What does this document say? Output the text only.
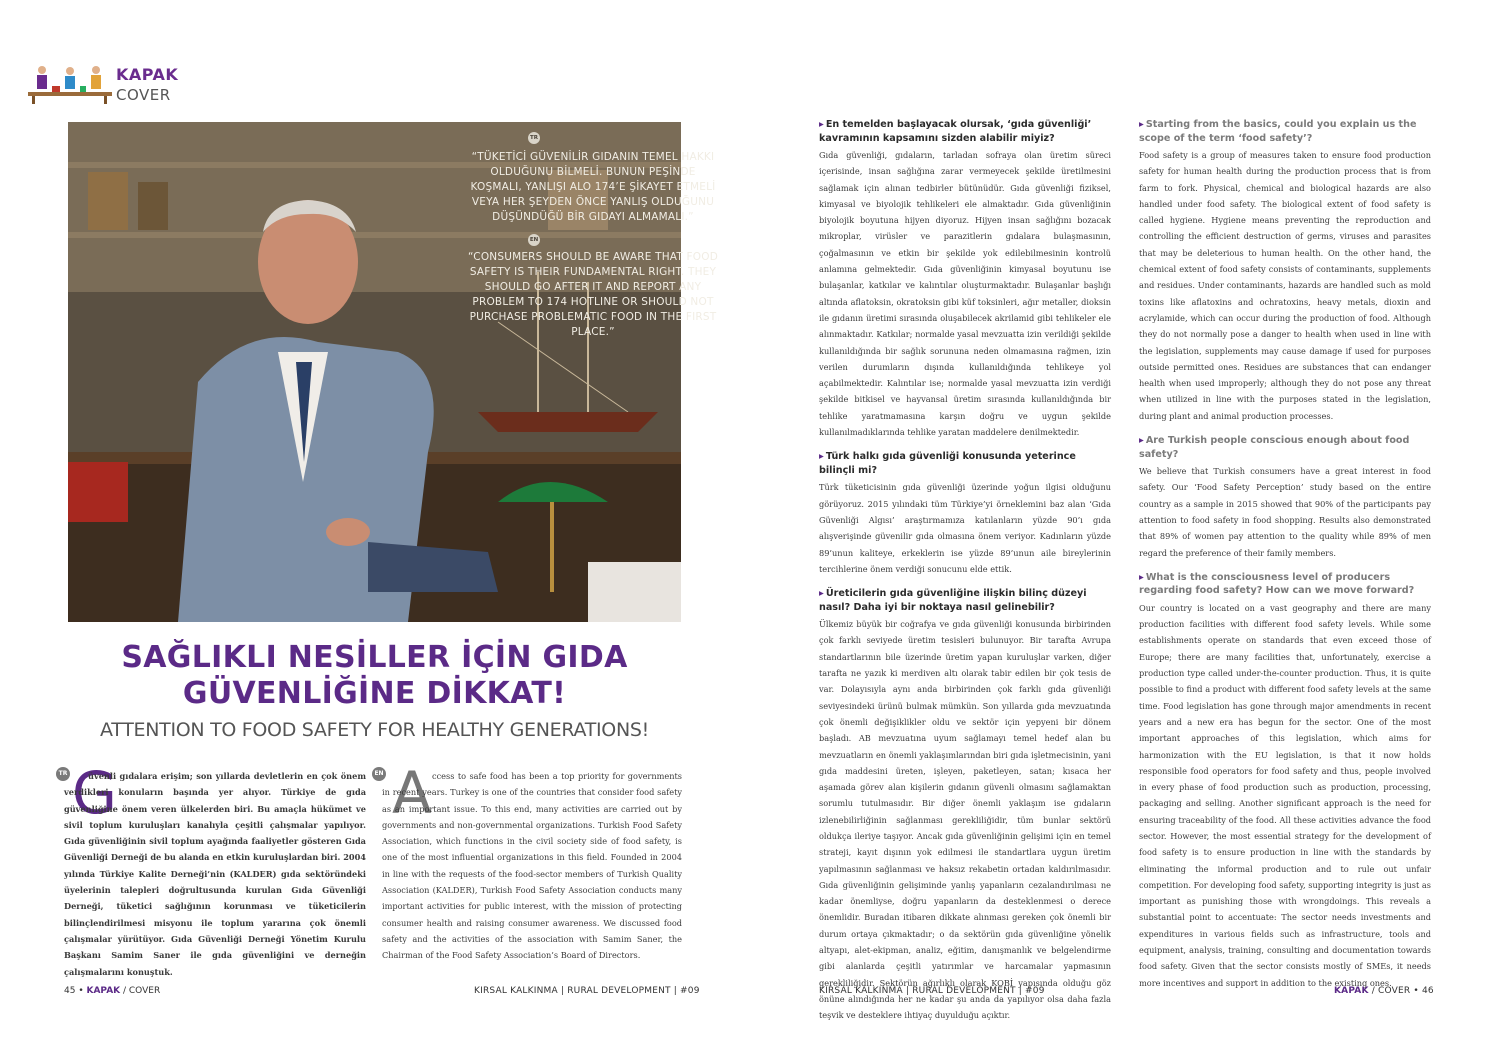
KAPAK
COVER
TR
“TÜKETİCİ GÜVENİLİR GIDANIN TEMEL HAKKI OLDUĞUNU BİLMELİ. BUNUN PEŞİNDE KOŞMALI, YANLIŞI ALO 174’E ŞİKAYET ETMELİ VEYA HER ŞEYDEN ÖNCE YANLIŞ OLDUĞUNU DÜŞÜNDÜĞÜ BİR GIDAYI ALMAMALI.”
EN
“CONSUMERS SHOULD BE AWARE THAT FOOD SAFETY IS THEIR FUNDAMENTAL RIGHT. THEY SHOULD GO AFTER IT AND REPORT ANY PROBLEM TO 174 HOTLINE OR SHOULD NOT PURCHASE PROBLEMATIC FOOD IN THE FIRST PLACE.”
SAĞLIKLI NESİLLER İÇİN GIDA
GÜVENLİĞİNE DİKKAT!
ATTENTION TO FOOD SAFETY FOR HEALTHY GENERATIONS!
TR G
üvenli gıdalara erişim; son yıllarda devletlerin en çok önem verdikleri konuların başında yer alıyor. Türkiye de gıda güvenliğine önem veren ülkelerden biri. Bu amaçla hükümet ve sivil toplum kuruluşları kanalıyla çeşitli çalışmalar yapılıyor. Gıda güvenliğinin sivil toplum ayağında faaliyetler gösteren Gıda Güvenliği Derneği de bu alanda en etkin kuruluşlardan biri. 2004 yılında Türkiye Kalite Derneği’nin (KALDER) gıda sektöründeki üyelerinin talepleri doğrultusunda kurulan Gıda Güvenliği Derneği, tüketici sağlığının korunması ve tüketicilerin bilinçlendirilmesi misyonu ile toplum yararına çok önemli çalışmalar yürütüyor. Gıda Güvenliği Derneği Yönetim Kurulu Başkanı Samim Saner ile gıda güvenliğini ve derneğin çalışmalarını konuştuk.
EN A ccess to safe food has been a top priority for governments in recent years. Turkey is one of the countries that consider food safety as an important issue. To this end, many activities are carried out by governments and non-governmental organizations. Turkish Food Safety Association, which functions in the civil society side of food safety, is one of the most influential organizations in this field. Founded in 2004 in line with the requests of the food-sector members of Turkish Quality Association (KALDER), Turkish Food Safety Association conducts many important activities for public interest, with the mission of protecting consumer health and raising consumer awareness. We discussed food safety and the activities of the association with Samim Saner, the Chairman of the Food Safety Association’s Board of Directors.
45 • KAPAK / COVER	KIRSAL KALKINMA | RURAL DEVELOPMENT | #09
▸ En temelden başlayacak olursak, ‘gıda güvenliği’ kavramının kapsamını sizden alabilir miyiz?
Gıda güvenliği, gıdaların, tarladan sofraya olan üretim süreci içerisinde, insan sağlığına zarar vermeyecek şekilde üretilmesini sağlamak için alınan tedbirler bütünüdür. Gıda güvenliği fiziksel, kimyasal ve biyolojik tehlikeleri ele almaktadır. Gıda güvenliğinin biyolojik boyutuna hijyen diyoruz. Hijyen insan sağlığını bozacak mikroplar, virüsler ve parazitlerin gıdalara bulaşmasının, çoğalmasının ve etkin bir şekilde yok edilebilmesinin kontrolü anlamına gelmektedir. Gıda güvenliğinin kimyasal boyutunu ise bulaşanlar, katkılar ve kalıntılar oluşturmaktadır. Bulaşanlar başlığı altında aflatoksin, okratoksin gibi küf toksinleri, ağır metaller, dioksin ile gıdanın üretimi sırasında oluşabilecek akrilamid gibi tehlikeler ele alınmaktadır. Katkılar; normalde yasal mevzuatta izin verildiği şekilde kullanıldığında bir sağlık sorununa neden olmamasına rağmen, izin verilen durumların dışında kullanıldığında tehlikeye yol açabilmektedir. Kalıntılar ise; normalde yasal mevzuatta izin verdiği şekilde bitkisel ve hayvansal üretim sırasında kullanıldığında bir tehlike yaratmamasına karşın doğru ve uygun şekilde kullanılmadıklarında tehlike yaratan maddelere denilmektedir.
▸ Türk halkı gıda güvenliği konusunda yeterince bilinçli mi?
Türk tüketicisinin gıda güvenliği üzerinde yoğun ilgisi olduğunu görüyoruz. 2015 yılındaki tüm Türkiye’yi örneklemini baz alan ‘Gıda Güvenliği Algısı’ araştırmamıza katılanların yüzde 90’ı gıda alışverişinde güvenilir gıda olmasına önem veriyor. Kadınların yüzde 89’unun kaliteye, erkeklerin ise yüzde 89’unun aile bireylerinin tercihlerine önem verdiği sonucunu elde ettik.
▸ Üreticilerin gıda güvenliğine ilişkin bilinç düzeyi nasıl? Daha iyi bir noktaya nasıl gelinebilir?
Ülkemiz büyük bir coğrafya ve gıda güvenliği konusunda birbirinden çok farklı seviyede üretim tesisleri bulunuyor. Bir tarafta Avrupa standartlarının bile üzerinde üretim yapan kuruluşlar varken, diğer tarafta ne yazık ki merdiven altı olarak tabir edilen bir çok tesis de var. Dolayısıyla aynı anda birbirinden çok farklı gıda güvenliği seviyesindeki ürünü bulmak mümkün. Son yıllarda gıda mevzuatında çok önemli değişiklikler oldu ve sektör için yepyeni bir dönem başladı. AB mevzuatına uyum sağlamayı temel hedef alan bu mevzuatların en önemli yaklaşımlarından biri gıda işletmecisinin, yani gıda maddesini üreten, işleyen, paketleyen, satan; kısaca her aşamada görev alan kişilerin gıdanın güvenli olmasını sağlamaktan sorumlu tutulmasıdır. Bir diğer önemli yaklaşım ise gıdaların izlenebilirliğinin sağlanması gerekliliğidir, tüm bunlar sektörü oldukça ileriye taşıyor. Ancak gıda güvenliğinin gelişimi için en temel strateji, kayıt dışının yok edilmesi ile standartlara uygun üretim yapılmasının sağlanması ve haksız rekabetin ortadan kaldırılmasıdır. Gıda güvenliğinin gelişiminde yanlış yapanların cezalandırılması ne kadar önemliyse, doğru yapanların da desteklenmesi o derece önemlidir. Buradan itibaren dikkate alınması gereken çok önemli bir durum ortaya çıkmaktadır; o da sektörün gıda güvenliğine yönelik altyapı, alet-ekipman, analiz, eğitim, danışmanlık ve belgelendirme gibi alanlarda çeşitli yatırımlar ve harcamalar yapmasının gerekliliğidir. Sektörün ağırlıklı olarak KOBİ yapısında olduğu göz önüne alındığında her ne kadar şu anda da yapılıyor olsa daha fazla teşvik ve desteklere ihtiyaç duyulduğu açıktır.
▸ Starting from the basics, could you explain us the scope of the term ‘food safety’?
Food safety is a group of measures taken to ensure food production safety for human health during the production process that is from farm to fork. Physical, chemical and biological hazards are also handled under food safety. The biological extent of food safety is called hygiene. Hygiene means preventing the reproduction and controlling the efficient destruction of germs, viruses and parasites that may be deleterious to human health. On the other hand, the chemical extent of food safety consists of contaminants, supplements and residues. Under contaminants, hazards are handled such as mold toxins like aflatoxins and ochratoxins, heavy metals, dioxin and acrylamide, which can occur during the production of food. Although they do not normally pose a danger to health when used in line with the legislation, supplements may cause damage if used for purposes outside permitted ones. Residues are substances that can endanger health when used improperly; although they do not pose any threat when utilized in line with the purposes stated in the legislation, during plant and animal production processes.
▸ Are Turkish people conscious enough about food safety?
We believe that Turkish consumers have a great interest in food safety. Our ‘Food Safety Perception’ study based on the entire country as a sample in 2015 showed that 90% of the participants pay attention to food safety in food shopping. Results also demonstrated that 89% of women pay attention to the quality while 89% of men regard the preference of their family members.
▸ What is the consciousness level of producers regarding food safety? How can we move forward?
Our country is located on a vast geography and there are many production facilities with different food safety levels. While some establishments operate on standards that even exceed those of Europe; there are many facilities that, unfortunately, exercise a production type called under-the-counter production. Thus, it is quite possible to find a product with different food safety levels at the same time. Food legislation has gone through major amendments in recent years and a new era has begun for the sector. One of the most important approaches of this legislation, which aims for harmonization with the EU legislation, is that it now holds responsible food operators for food safety and thus, people involved in every phase of food production such as production, processing, packaging and selling. Another significant approach is the need for ensuring traceability of the food. All these activities advance the food sector. However, the most essential strategy for the development of food safety is to ensure production in line with the standards by eliminating the informal production and to rule out unfair competition. For developing food safety, supporting integrity is just as important as punishing those with wrongdoings. This reveals a substantial point to accentuate: The sector needs investments and expenditures in various fields such as infrastructure, tools and equipment, analysis, training, consulting and documentation towards food safety. Given that the sector consists mostly of SMEs, it needs more incentives and support in addition to the existing ones.
KIRSAL KALKINMA | RURAL DEVELOPMENT | #09	KAPAK / COVER • 46
